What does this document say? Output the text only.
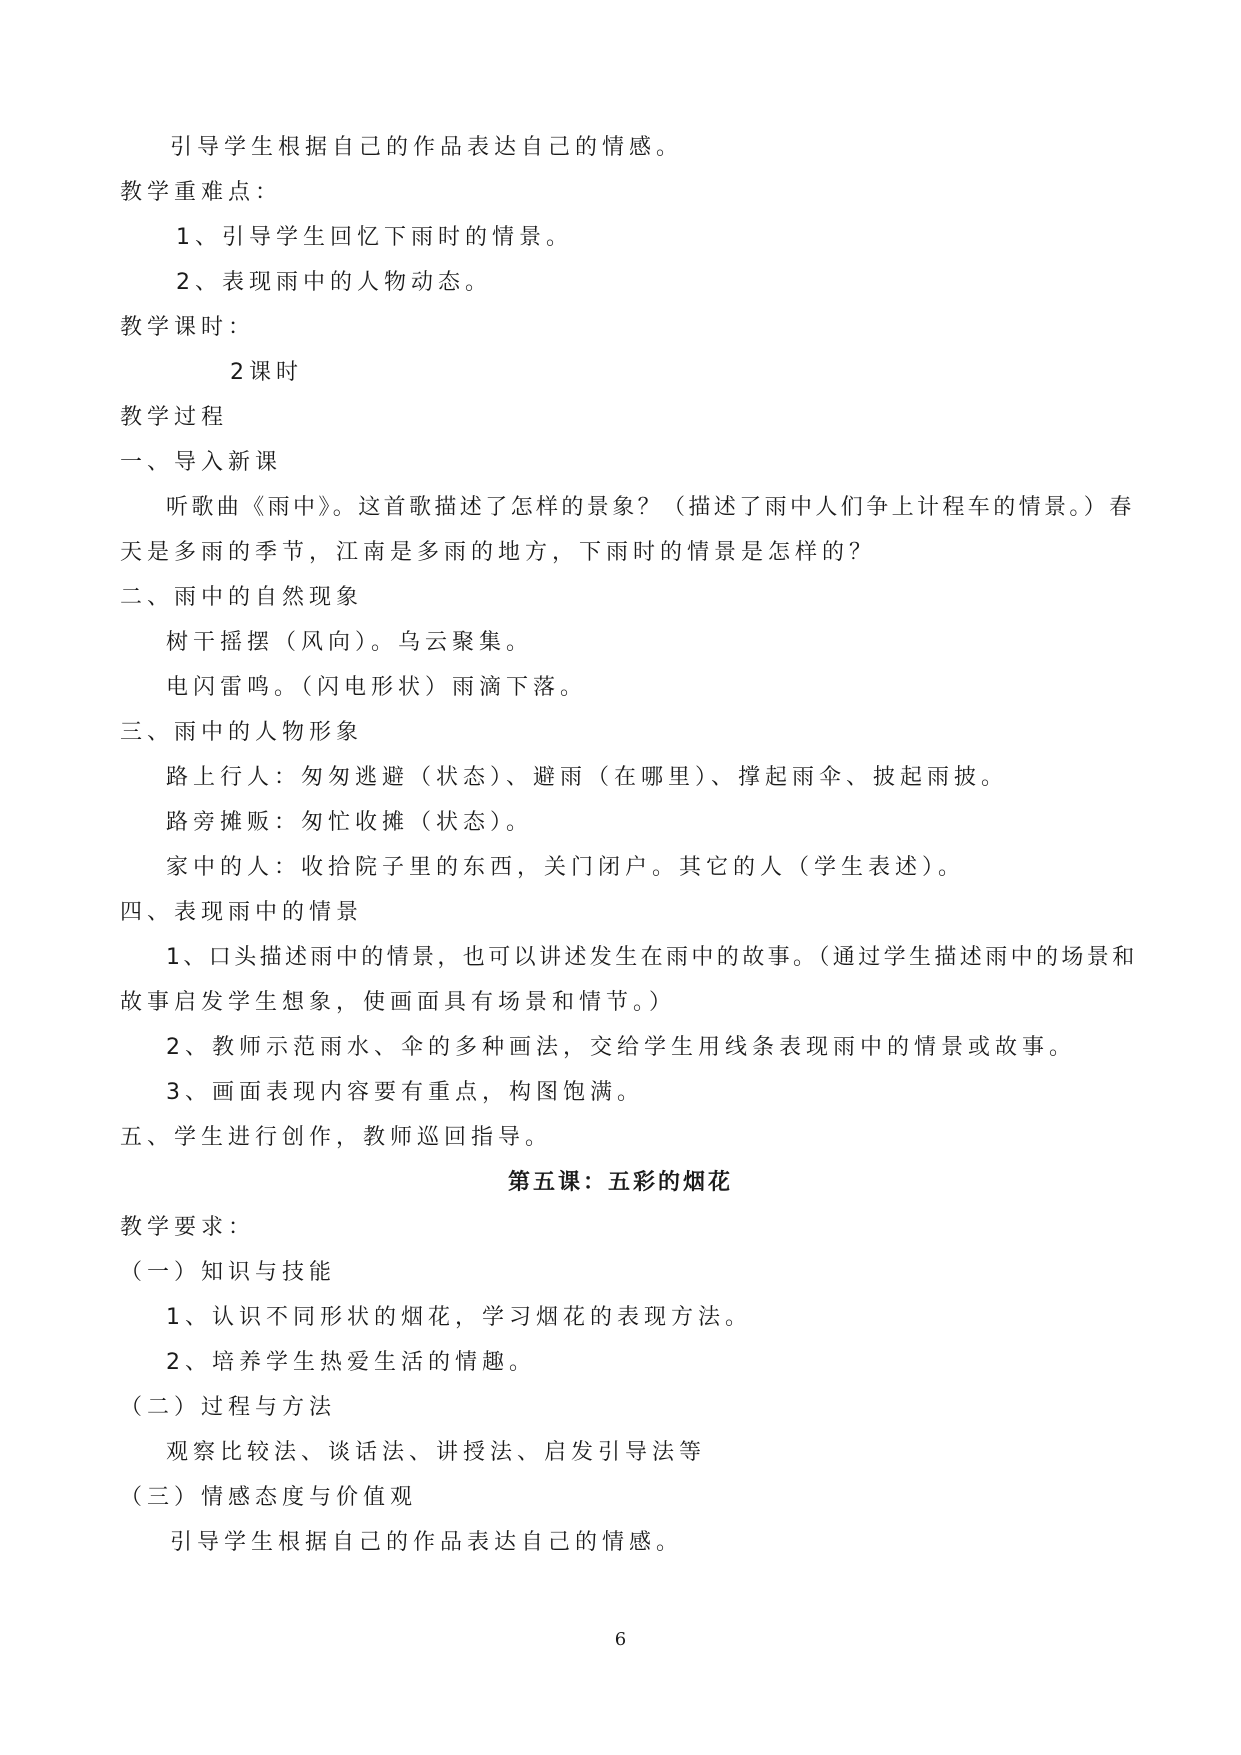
引导学生根据自己的作品表达自己的情感。
教学重难点：
1、引导学生回忆下雨时的情景。
2、表现雨中的人物动态。
教学课时：
2课时
教学过程
一、导入新课
听歌曲《雨中》。这首歌描述了怎样的景象？（描述了雨中人们争上计程车的情景。）春
天是多雨的季节，江南是多雨的地方，下雨时的情景是怎样的？
二、雨中的自然现象
树干摇摆（风向）。乌云聚集。
电闪雷鸣。（闪电形状）雨滴下落。
三、雨中的人物形象
路上行人：匆匆逃避（状态）、避雨（在哪里）、撑起雨伞、披起雨披。
路旁摊贩：匆忙收摊（状态）。
家中的人：收拾院子里的东西，关门闭户。其它的人（学生表述）。
四、表现雨中的情景
1、口头描述雨中的情景，也可以讲述发生在雨中的故事。（通过学生描述雨中的场景和
故事启发学生想象，使画面具有场景和情节。）
2、教师示范雨水、伞的多种画法，交给学生用线条表现雨中的情景或故事。
3、画面表现内容要有重点，构图饱满。
五、学生进行创作，教师巡回指导。
第五课：五彩的烟花
教学要求：
（一）知识与技能
1、认识不同形状的烟花，学习烟花的表现方法。
2、培养学生热爱生活的情趣。
（二）过程与方法
观察比较法、谈话法、讲授法、启发引导法等
（三）情感态度与价值观
引导学生根据自己的作品表达自己的情感。
6
